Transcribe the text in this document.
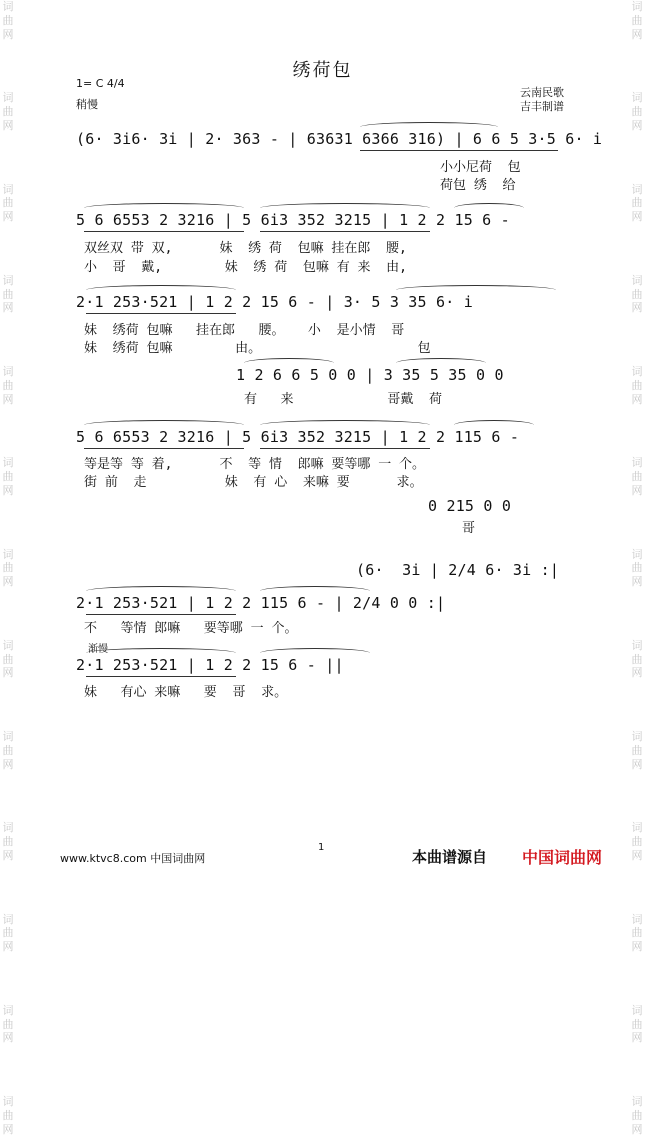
词曲网
词曲网
词曲网
词曲网
词曲网
词曲网
词曲网
词曲网
词曲网
词曲网
词曲网
词曲网
词曲网
词曲网
词曲网
词曲网
词曲网
词曲网
词曲网
词曲网
词曲网
词曲网
词曲网
词曲网
词曲网
词曲网
绣荷包
1= C 4/4
稍慢
云南民歌
吉丰制谱
(6· 3i6· 3i | 2· 363 - | 63631 6366 316) | 6 6 5 3·5 6· i
小小尼荷  包
荷包 绣  给
5 6 6553 2 3216 | 5 6i3 352 3215 | 1 2 2 15 6 -
双丝双 带 双,      妹  绣 荷  包嘛 挂在郎  腰,
小  哥  戴,        妹  绣 荷  包嘛 有 来  由,
2·1 253·521 | 1 2 2 15 6 - | 3· 5 3 35 6· i
妹  绣荷 包嘛   挂在郎   腰。   小  是小情  哥
妹  绣荷 包嘛        由。                    包
1 2 6 6 5 0 0 | 3 35 5 35 0 0
有   来            哥戴  荷
5 6 6553 2 3216 | 5 6i3 352 3215 | 1 2 2 115 6 -
等是等 等 着,      不  等 情  郎嘛 要等哪 一 个。
街 前  走          妹  有 心  来嘛 要      求。
0 215 0 0
哥
(6·  3i | 2/4 6· 3i :|
2·1 253·521 | 1 2 2 115 6 - | 2/4 0 0 :|
不   等情 郎嘛   要等哪 一 个。
渐慢
2·1 253·521 | 1 2 2 15 6 - ||
妹   有心 来嘛   要  哥  求。
www.ktvc8.com 中国词曲网
1
本曲谱源自 中国词曲网
